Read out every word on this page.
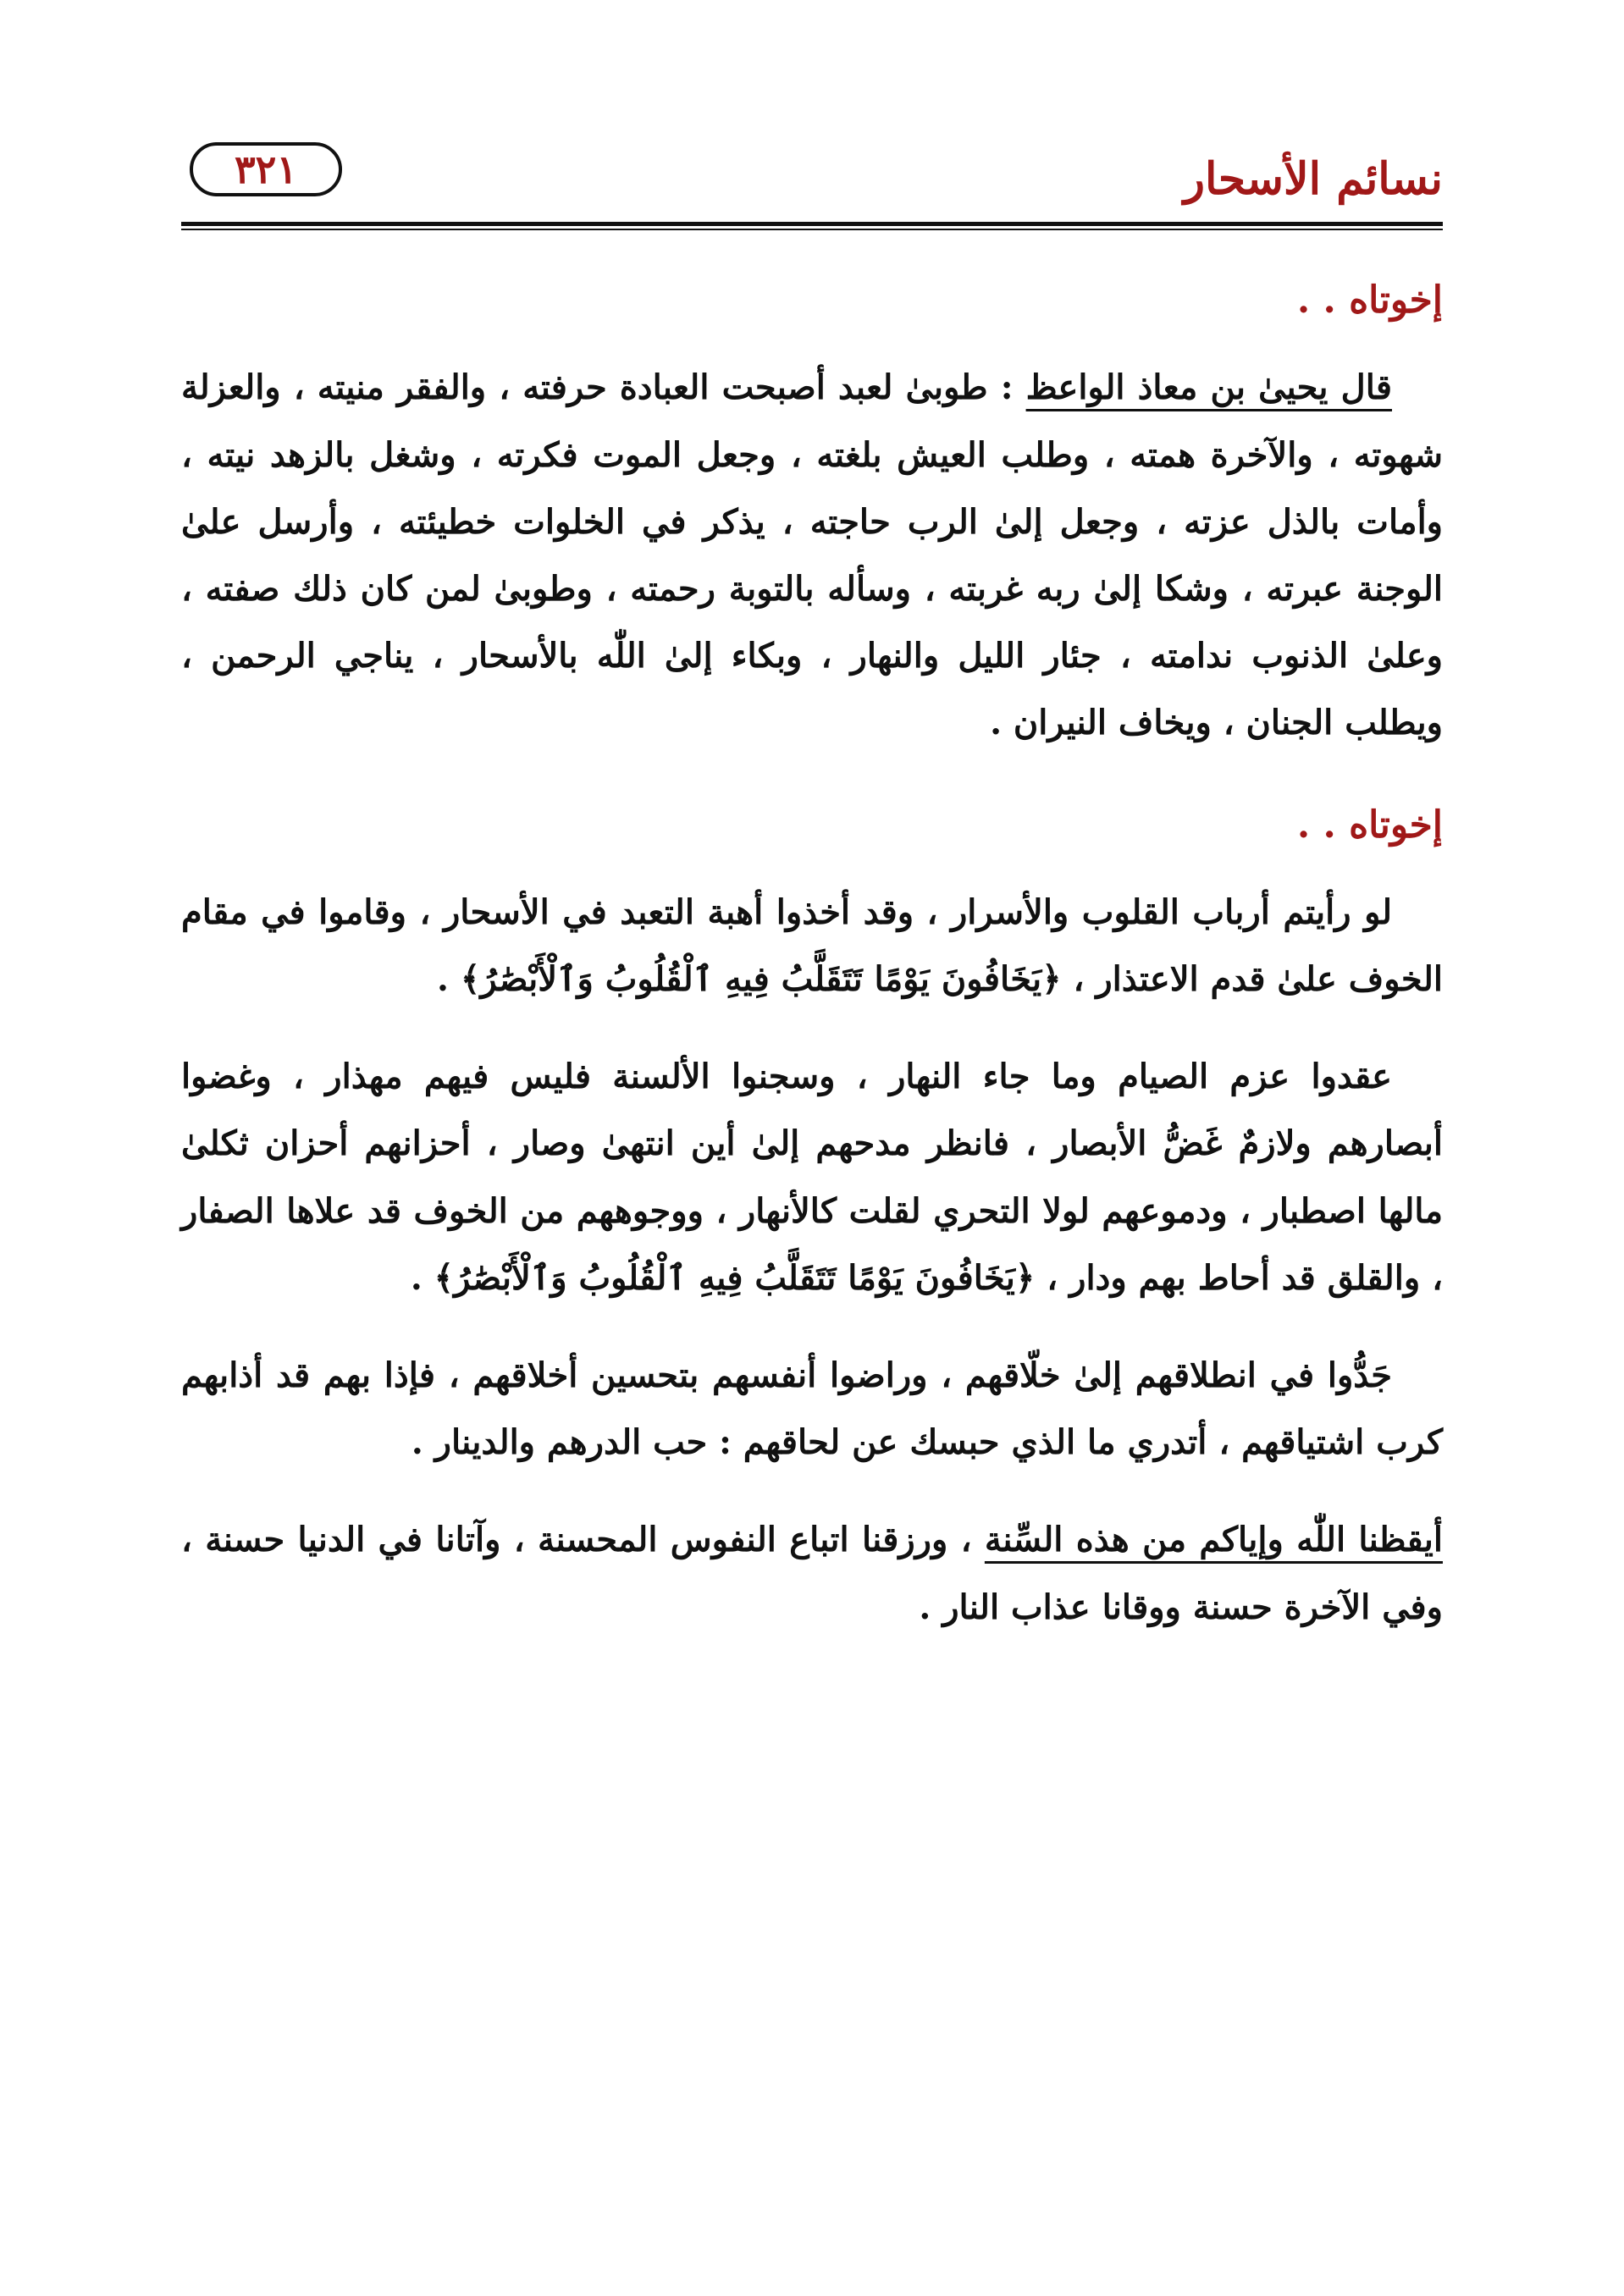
نسائم الأسحار
٣٢١
إخوتاه . .

قال يحيىٰ بن معاذ الواعظ : طوبىٰ لعبد أصبحت العبادة حرفته ، والفقر منيته ، والعزلة شهوته ، والآخرة همته ، وطلب العيش بلغته ، وجعل الموت فكرته ، وشغل بالزهد نيته ، وأمات بالذل عزته ، وجعل إلىٰ الرب حاجته ، يذكر في الخلوات خطيئته ، وأرسل علىٰ الوجنة عبرته ، وشكا إلىٰ ربه غربته ، وسأله بالتوبة رحمته ، وطوبىٰ لمن كان ذلك صفته ، وعلىٰ الذنوب ندامته ، جئار الليل والنهار ، وبكاء إلىٰ اللّٰه بالأسحار ، يناجي الرحمن ، ويطلب الجنان ، ويخاف النيران .

إخوتاه . .

لو رأيتم أرباب القلوب والأسرار ، وقد أخذوا أهبة التعبد في الأسحار ، وقاموا في مقام الخوف علىٰ قدم الاعتذار ، ﴿يَخَافُونَ يَوْمًا تَتَقَلَّبُ فِيهِ ٱلْقُلُوبُ وَٱلْأَبْصَٰرُ﴾ .

عقدوا عزم الصيام وما جاء النهار ، وسجنوا الألسنة فليس فيهم مهذار ، وغضوا أبصارهم ولازمٌ غَضُّ الأبصار ، فانظر مدحهم إلىٰ أين انتهىٰ وصار ، أحزانهم أحزان ثكلىٰ مالها اصطبار ، ودموعهم لولا التحري لقلت كالأنهار ، ووجوههم من الخوف قد علاها الصفار ، والقلق قد أحاط بهم ودار ، ﴿يَخَافُونَ يَوْمًا تَتَقَلَّبُ فِيهِ ٱلْقُلُوبُ وَٱلْأَبْصَٰرُ﴾ .

جَدُّوا في انطلاقهم إلىٰ خلّاقهم ، وراضوا أنفسهم بتحسين أخلاقهم ، فإذا بهم قد أذابهم كرب اشتياقهم ، أتدري ما الذي حبسك عن لحاقهم : حب الدرهم والدينار .

أيقظنا اللّٰه وإياكم من هذه السِّنة ، ورزقنا اتباع النفوس المحسنة ، وآتانا في الدنيا حسنة ، وفي الآخرة حسنة ووقانا عذاب النار .
